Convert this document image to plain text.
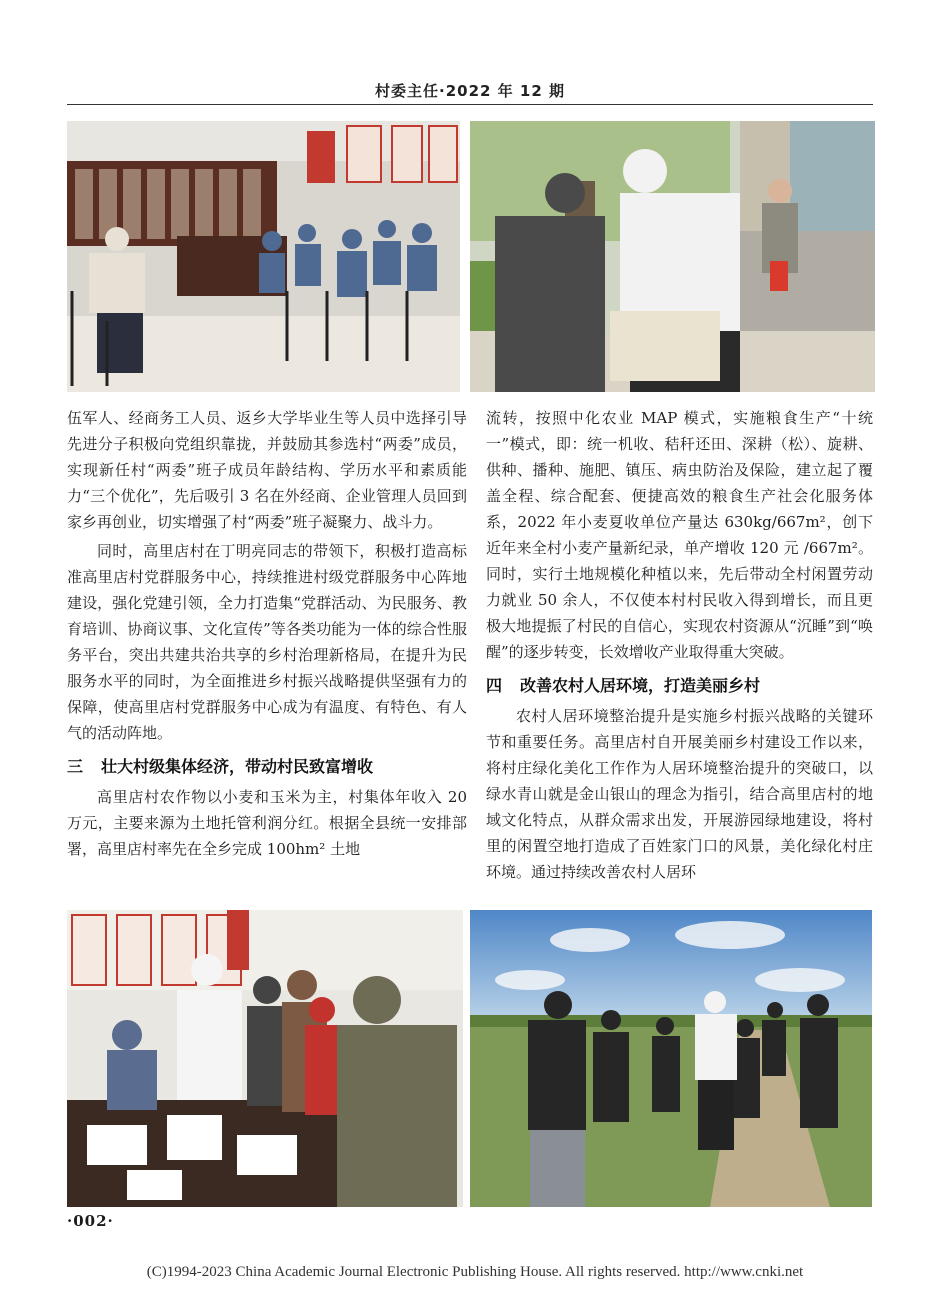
村委主任·2022 年 12 期

伍军人、经商务工人员、返乡大学毕业生等人员中选择引导先进分子积极向党组织靠拢，并鼓励其参选村“两委”成员，实现新任村“两委”班子成员年龄结构、学历水平和素质能力“三个优化”，先后吸引 3 名在外经商、企业管理人员回到家乡再创业，切实增强了村“两委”班子凝聚力、战斗力。

同时，高里店村在丁明亮同志的带领下，积极打造高标准高里店村党群服务中心，持续推进村级党群服务中心阵地建设，强化党建引领，全力打造集“党群活动、为民服务、教育培训、协商议事、文化宣传”等各类功能为一体的综合性服务平台，突出共建共治共享的乡村治理新格局，在提升为民服务水平的同时，为全面推进乡村振兴战略提供坚强有力的保障，使高里店村党群服务中心成为有温度、有特色、有人气的活动阵地。

三 壮大村级集体经济，带动村民致富增收

高里店村农作物以小麦和玉米为主，村集体年收入 20 万元，主要来源为土地托管利润分红。根据全县统一安排部署，高里店村率先在全乡完成 100hm² 土地

流转，按照中化农业 MAP 模式，实施粮食生产“十统一”模式，即：统一机收、秸秆还田、深耕（松）、旋耕、供种、播种、施肥、镇压、病虫防治及保险，建立起了覆盖全程、综合配套、便捷高效的粮食生产社会化服务体系，2022 年小麦夏收单位产量达 630kg/667m²，创下近年来全村小麦产量新纪录，单产增收 120 元 /667m²。同时，实行土地规模化种植以来，先后带动全村闲置劳动力就业 50 余人，不仅使本村村民收入得到增长，而且更极大地提振了村民的自信心，实现农村资源从“沉睡”到“唤醒”的逐步转变，长效增收产业取得重大突破。

四 改善农村人居环境，打造美丽乡村

农村人居环境整治提升是实施乡村振兴战略的关键环节和重要任务。高里店村自开展美丽乡村建设工作以来，将村庄绿化美化工作作为人居环境整治提升的突破口，以绿水青山就是金山银山的理念为指引，结合高里店村的地域文化特点，从群众需求出发，开展游园绿地建设，将村里的闲置空地打造成了百姓家门口的风景，美化绿化村庄环境。通过持续改善农村人居环

·002·
(C)1994-2023 China Academic Journal Electronic Publishing House. All rights reserved. http://www.cnki.net
